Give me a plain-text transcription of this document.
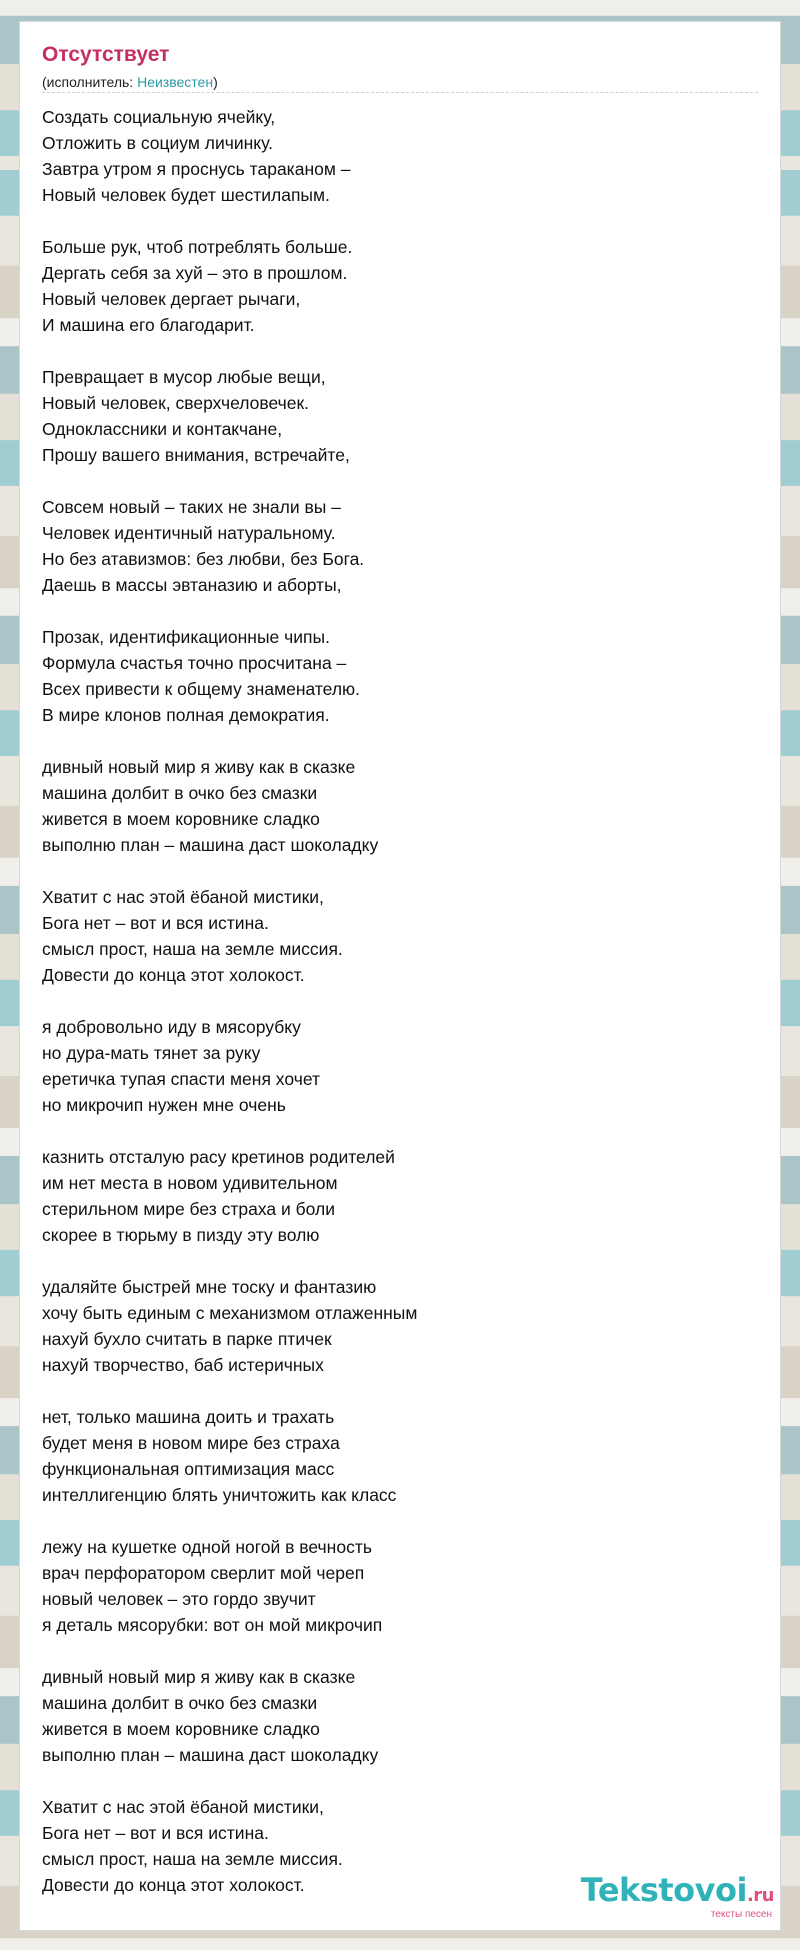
Отсутствует
(исполнитель: Неизвестен)
Создать социальную ячейку,
Отложить в социум личинку.
Завтра утром я проснусь тараканом –
Новый человек будет шестилапым.
Больше рук, чтоб потреблять больше.
Дергать себя за хуй – это в прошлом.
Новый человек дергает рычаги,
И машина его благодарит.
Превращает в мусор любые вещи,
Новый человек, сверхчеловечек.
Одноклассники и контакчане,
Прошу вашего внимания, встречайте,
Совсем новый – таких не знали вы –
Человек идентичный натуральному.
Но без атавизмов: без любви, без Бога.
Даешь в массы эвтаназию и аборты,
Прозак, идентификационные чипы.
Формула счастья точно просчитана –
Всех привести к общему знаменателю.
В мире клонов полная демократия.
дивный новый мир я живу как в сказке
машина долбит в очко без смазки
живется в моем коровнике сладко
выполню план – машина даст шоколадку
Хватит с нас этой ёбаной мистики,
Бога нет – вот и вся истина.
смысл прост, наша на земле миссия.
Довести до конца этот холокост.
я добровольно иду в мясорубку
но дура-мать тянет за руку
еретичка тупая спасти меня хочет
но микрочип нужен мне очень
казнить отсталую расу кретинов родителей
им нет места в новом удивительном
стерильном мире без страха и боли
скорее в тюрьму в пизду эту волю
удаляйте быстрей мне тоску и фантазию
хочу быть единым с механизмом отлаженным
нахуй бухло считать в парке птичек
нахуй творчество, баб истеричных
нет, только машина доить и трахать
будет меня в новом мире без страха
функциональная оптимизация масс
интеллигенцию блять уничтожить как класс
лежу на кушетке одной ногой в вечность
врач перфоратором сверлит мой череп
новый человек – это гордо звучит
я деталь мясорубки: вот он мой микрочип
дивный новый мир я живу как в сказке
машина долбит в очко без смазки
живется в моем коровнике сладко
выполню план – машина даст шоколадку
Хватит с нас этой ёбаной мистики,
Бога нет – вот и вся истина.
смысл прост, наша на земле миссия.
Довести до конца этот холокост.	Tekstovoi.ru
тексты песен
